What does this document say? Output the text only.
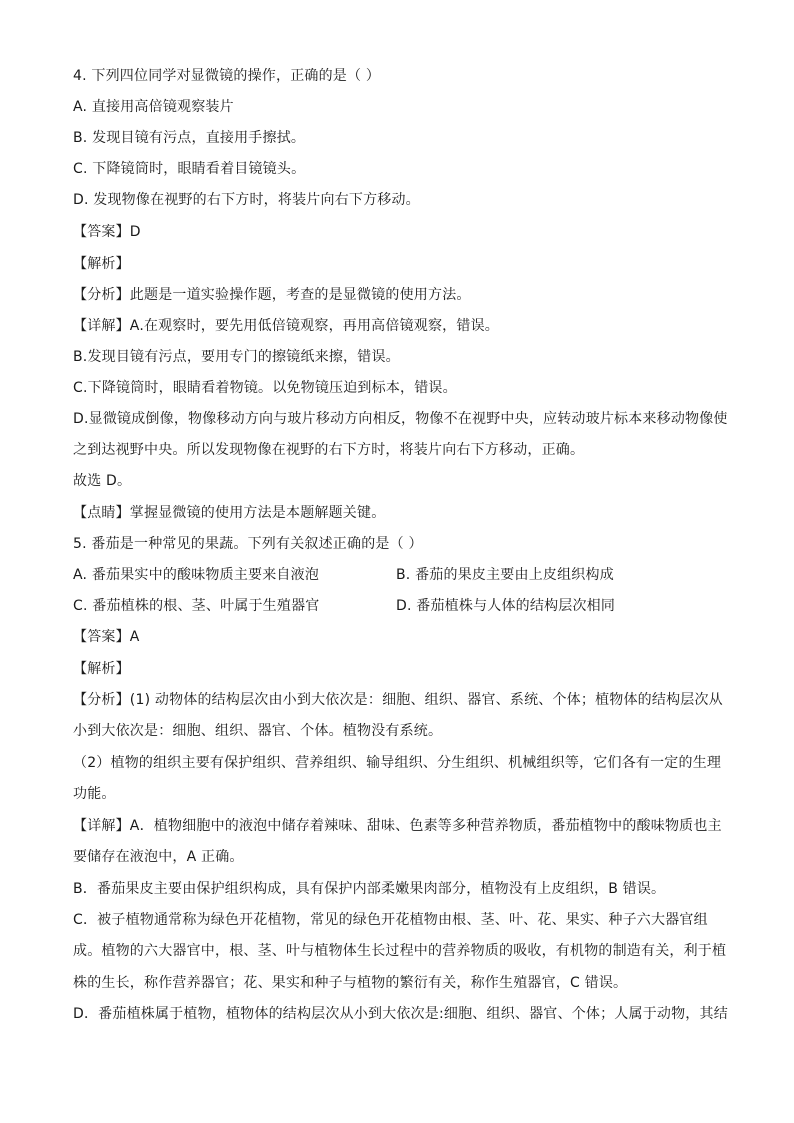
4. 下列四位同学对显微镜的操作，正确的是（ ）
A. 直接用高倍镜观察装片
B. 发现目镜有污点，直接用手擦拭。
C. 下降镜筒时，眼睛看着目镜镜头。
D. 发现物像在视野的右下方时，将装片向右下方移动。
【答案】D
【解析】
【分析】此题是一道实验操作题，考查的是显微镜的使用方法。
【详解】A.在观察时，要先用低倍镜观察，再用高倍镜观察，错误。
B.发现目镜有污点，要用专门的擦镜纸来擦，错误。
C.下降镜筒时，眼睛看着物镜。以免物镜压迫到标本，错误。
D.显微镜成倒像，物像移动方向与玻片移动方向相反，物像不在视野中央，应转动玻片标本来移动物像使
之到达视野中央。所以发现物像在视野的右下方时，将装片向右下方移动，正确。
故选 D。
【点睛】掌握显微镜的使用方法是本题解题关键。
5. 番茄是一种常见的果蔬。下列有关叙述正确的是（ ）
A. 番茄果实中的酸味物质主要来自液泡	B. 番茄的果皮主要由上皮组织构成
C. 番茄植株的根、茎、叶属于生殖器官	D. 番茄植株与人体的结构层次相同
【答案】A
【解析】
【分析】(1) 动物体的结构层次由小到大依次是：细胞、组织、器官、系统、个体；植物体的结构层次从
小到大依次是：细胞、组织、器官、个体。植物没有系统。
（2）植物的组织主要有保护组织、营养组织、输导组织、分生组织、机械组织等，它们各有一定的生理
功能。
【详解】A．植物细胞中的液泡中储存着辣味、甜味、色素等多种营养物质，番茄植物中的酸味物质也主
要储存在液泡中，A 正确。
B．番茄果皮主要由保护组织构成，具有保护内部柔嫩果肉部分，植物没有上皮组织，B 错误。
C．被子植物通常称为绿色开花植物，常见的绿色开花植物由根、茎、叶、花、果实、种子六大器官组
成。植物的六大器官中，根、茎、叶与植物体生长过程中的营养物质的吸收，有机物的制造有关，利于植
株的生长，称作营养器官；花、果实和种子与植物的繁衍有关，称作生殖器官，C 错误。
D．番茄植株属于植物，植物体的结构层次从小到大依次是:细胞、组织、器官、个体；人属于动物，其结
